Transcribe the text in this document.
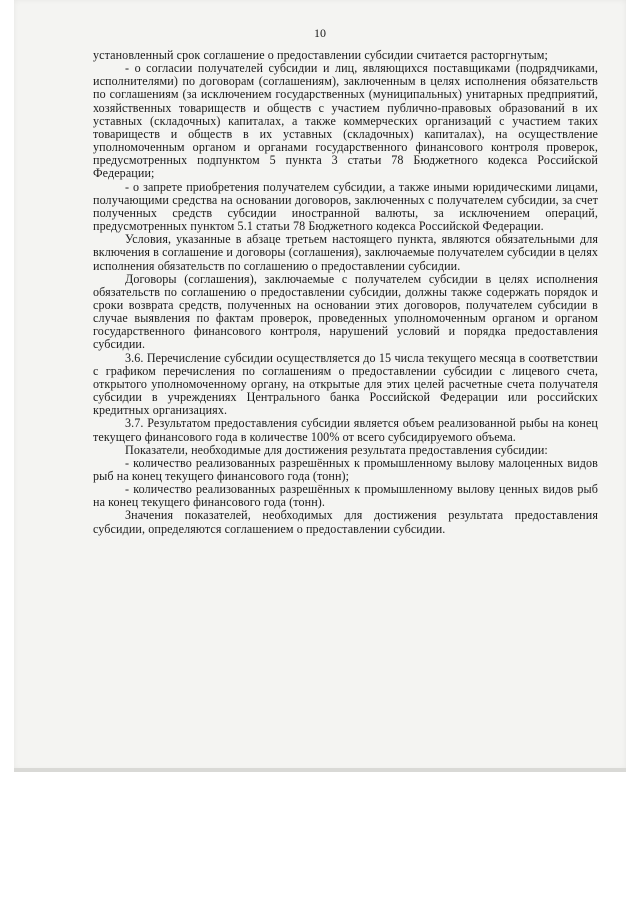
10

установленный срок соглашение о предоставлении субсидии считается расторгнутым;

- о согласии получателей субсидии и лиц, являющихся поставщиками (подрядчиками, исполнителями) по договорам (соглашениям), заключенным в целях исполнения обязательств по соглашениям (за исключением государственных (муниципальных) унитарных предприятий, хозяйственных товариществ и обществ с участием публично-правовых образований в их уставных (складочных) капиталах, а также коммерческих организаций с участием таких товариществ и обществ в их уставных (складочных) капиталах), на осуществление уполномоченным органом и органами государственного финансового контроля проверок, предусмотренных подпунктом 5 пункта 3 статьи 78 Бюджетного кодекса Российской Федерации;

- о запрете приобретения получателем субсидии, а также иными юридическими лицами, получающими средства на основании договоров, заключенных с получателем субсидии, за счет полученных средств субсидии иностранной валюты, за исключением операций, предусмотренных пунктом 5.1 статьи 78 Бюджетного кодекса Российской Федерации.

Условия, указанные в абзаце третьем настоящего пункта, являются обязательными для включения в соглашение и договоры (соглашения), заключаемые получателем субсидии в целях исполнения обязательств по соглашению о предоставлении субсидии.

Договоры (соглашения), заключаемые с получателем субсидии в целях исполнения обязательств по соглашению о предоставлении субсидии, должны также содержать порядок и сроки возврата средств, полученных на основании этих договоров, получателем субсидии в случае выявления по фактам проверок, проведенных уполномоченным органом и органом государственного финансового контроля, нарушений условий и порядка предоставления субсидии.

3.6. Перечисление субсидии осуществляется до 15 числа текущего месяца в соответствии с графиком перечисления по соглашениям о предоставлении субсидии с лицевого счета, открытого уполномоченному органу, на открытые для этих целей расчетные счета получателя субсидии в учреждениях Центрального банка Российской Федерации или российских кредитных организациях.

3.7. Результатом предоставления субсидии является объем реализованной рыбы на конец текущего финансового года в количестве 100% от всего субсидируемого объема.

Показатели, необходимые для достижения результата предоставления субсидии:

- количество реализованных разрешённых к промышленному вылову малоценных видов рыб на конец текущего финансового года (тонн);

- количество реализованных разрешённых к промышленному вылову ценных видов рыб на конец текущего финансового года (тонн).

Значения показателей, необходимых для достижения результата предоставления субсидии, определяются соглашением о предоставлении субсидии.
